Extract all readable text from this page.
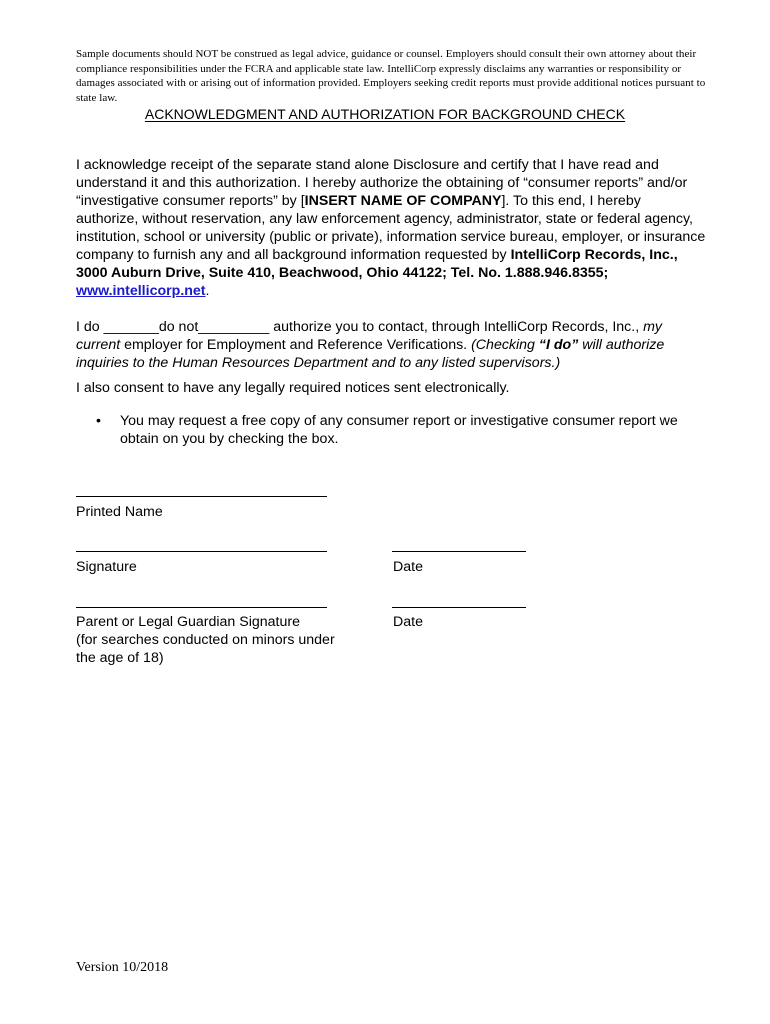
Sample documents should NOT be construed as legal advice, guidance or counsel. Employers should consult their own attorney about their compliance responsibilities under the FCRA and applicable state law. IntelliCorp expressly disclaims any warranties or responsibility or damages associated with or arising out of information provided. Employers seeking credit reports must provide additional notices pursuant to state law.
ACKNOWLEDGMENT AND AUTHORIZATION FOR BACKGROUND CHECK
I acknowledge receipt of the separate stand alone Disclosure and certify that I have read and understand it and this authorization. I hereby authorize the obtaining of “consumer reports” and/or “investigative consumer reports” by [INSERT NAME OF COMPANY]. To this end, I hereby authorize, without reservation, any law enforcement agency, administrator, state or federal agency, institution, school or university (public or private), information service bureau, employer, or insurance company to furnish any and all background information requested by IntelliCorp Records, Inc., 3000 Auburn Drive, Suite 410, Beachwood, Ohio 44122; Tel. No. 1.888.946.8355; www.intellicorp.net.
I do _______do not_________ authorize you to contact, through IntelliCorp Records, Inc., my current employer for Employment and Reference Verifications. (Checking “I do” will authorize inquiries to the Human Resources Department and to any listed supervisors.)
I also consent to have any legally required notices sent electronically.
•	You may request a free copy of any consumer report or investigative consumer report we obtain on you by checking the box.
Printed Name
Signature	Date
Parent or Legal Guardian Signature
(for searches conducted on minors under
the age of 18)
Date
Version 10/2018
